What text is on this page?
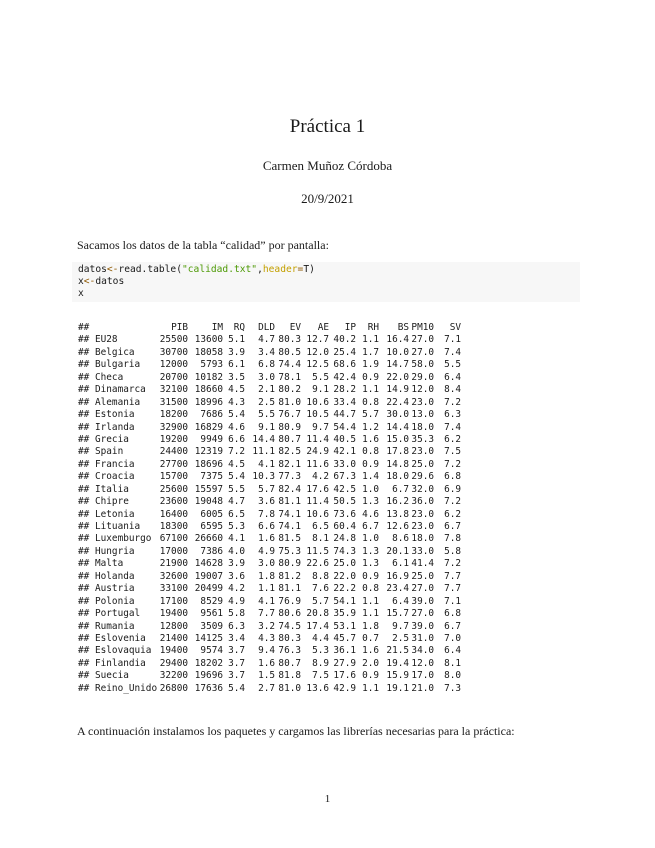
Práctica 1
Carmen Muñoz Córdoba
20/9/2021
Sacamos los datos de la tabla “calidad” por pantalla:
datos<-read.table("calidad.txt",header=T)
x<-datos
x
##	PIB	IM	RQ	DLD	EV	AE	IP	RH	BS PM10	SV
## EU28	25500 13600 5.1	4.7 80.3 12.7 40.2 1.1 16.4 27.0	7.1
## Belgica	30700 18058 3.9	3.4 80.5 12.0 25.4 1.7 10.0 27.0	7.4
## Bulgaria	12000	5793 6.1	6.8 74.4 12.5 68.6 1.9 14.7 58.0	5.5
## Checa	20700 10182 3.5	3.0 78.1	5.5 42.4 0.9 22.0 29.0	6.4
## Dinamarca	32100 18660 4.5	2.1 80.2	9.1 28.2 1.1 14.9 12.0	8.4
## Alemania	31500 18996 4.3	2.5 81.0 10.6 33.4 0.8 22.4 23.0	7.2
## Estonia	18200	7686 5.4	5.5 76.7 10.5 44.7 5.7 30.0 13.0	6.3
## Irlanda	32900 16829 4.6	9.1 80.9	9.7 54.4 1.2 14.4 18.0	7.4
## Grecia	19200	9949 6.6 14.4 80.7 11.4 40.5 1.6 15.0 35.3	6.2
## Spain	24400 12319 7.2 11.1 82.5 24.9 42.1 0.8 17.8 23.0	7.5
## Francia	27700 18696 4.5	4.1 82.1 11.6 33.0 0.9 14.8 25.0	7.2
## Croacia	15700	7375 5.4 10.3 77.3	4.2 67.3 1.4 18.0 29.6	6.8
## Italia	25600 15597 5.5	5.7 82.4 17.6 42.5 1.0	6.7 32.0	6.9
## Chipre	23600 19048 4.7	3.6 81.1 11.4 50.5 1.3 16.2 36.0	7.2
## Letonia	16400	6005 6.5	7.8 74.1 10.6 73.6 4.6 13.8 23.0	6.2
## Lituania	18300	6595 5.3	6.6 74.1	6.5 60.4 6.7 12.6 23.0	6.7
## Luxemburgo 67100 26660 4.1	1.6 81.5	8.1 24.8 1.0	8.6 18.0	7.8
## Hungria	17000	7386 4.0	4.9 75.3 11.5 74.3 1.3 20.1 33.0	5.8
## Malta	21900 14628 3.9	3.0 80.9 22.6 25.0 1.3	6.1 41.4	7.2
## Holanda	32600 19007 3.6	1.8 81.2	8.8 22.0 0.9 16.9 25.0	7.7
## Austria	33100 20499 4.2	1.1 81.1	7.6 22.2 0.8 23.4 27.0	7.7
## Polonia	17100	8529 4.9	4.1 76.9	5.7 54.1 1.1	6.4 39.0	7.1
## Portugal	19400	9561 5.8	7.7 80.6 20.8 35.9 1.1 15.7 27.0	6.8
## Rumania	12800	3509 6.3	3.2 74.5 17.4 53.1 1.8	9.7 39.0	6.7
## Eslovenia	21400 14125 3.4	4.3 80.3	4.4 45.7 0.7	2.5 31.0	7.0
## Eslovaquia 19400	9574 3.7	9.4 76.3	5.3 36.1 1.6 21.5 34.0	6.4
## Finlandia	29400 18202 3.7	1.6 80.7	8.9 27.9 2.0 19.4 12.0	8.1
## Suecia	32200 19696 3.7	1.5 81.8	7.5 17.6 0.9 15.9 17.0	8.0
## Reino_Unido 26800 17636 5.4	2.7 81.0 13.6 42.9 1.1 19.1 21.0	7.3
A continuación instalamos los paquetes y cargamos las librerías necesarias para la práctica:
1
